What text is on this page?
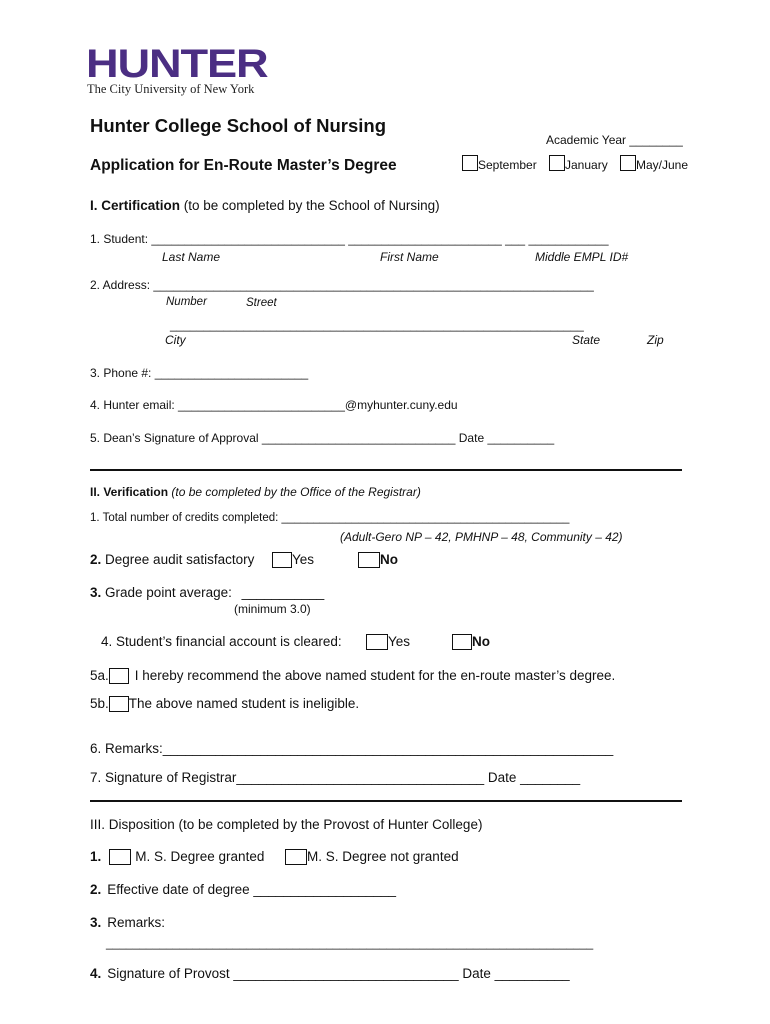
HUNTER
The City University of New York
Hunter College School of Nursing
Academic Year ________
Application for En-Route Master’s Degree	September	January	May/June
I. Certification (to be completed by the School of Nursing)
1. Student: _____________________________ _______________________ ___ ____________
Last Name	First Name	Middle EMPL ID#
2. Address: __________________________________________________________________
Number	Street
______________________________________________________________
City	State	Zip
3. Phone #: _______________________
4. Hunter email: _________________________@myhunter.cuny.edu
5. Dean’s Signature of Approval _____________________________ Date __________
II. Verification (to be completed by the Office of the Registrar)
1. Total number of credits completed: _____________________________________________
(Adult-Gero NP – 42, PMHNP – 48, Community – 42)
2. Degree audit satisfactory	Yes	No
3. Grade point average: ___________
(minimum 3.0)
4. Student’s financial account is cleared:	Yes	No
5a. I hereby recommend the above named student for the en-route master’s degree.
5b. The above named student is ineligible.
6. Remarks:____________________________________________________________
7. Signature of Registrar_________________________________ Date ________
III. Disposition (to be completed by the Provost of Hunter College)
1.	M. S. Degree granted	M. S. Degree not granted
2. Effective date of degree ___________________
3. Remarks:
_________________________________________________________________________
4. Signature of Provost ______________________________ Date __________
